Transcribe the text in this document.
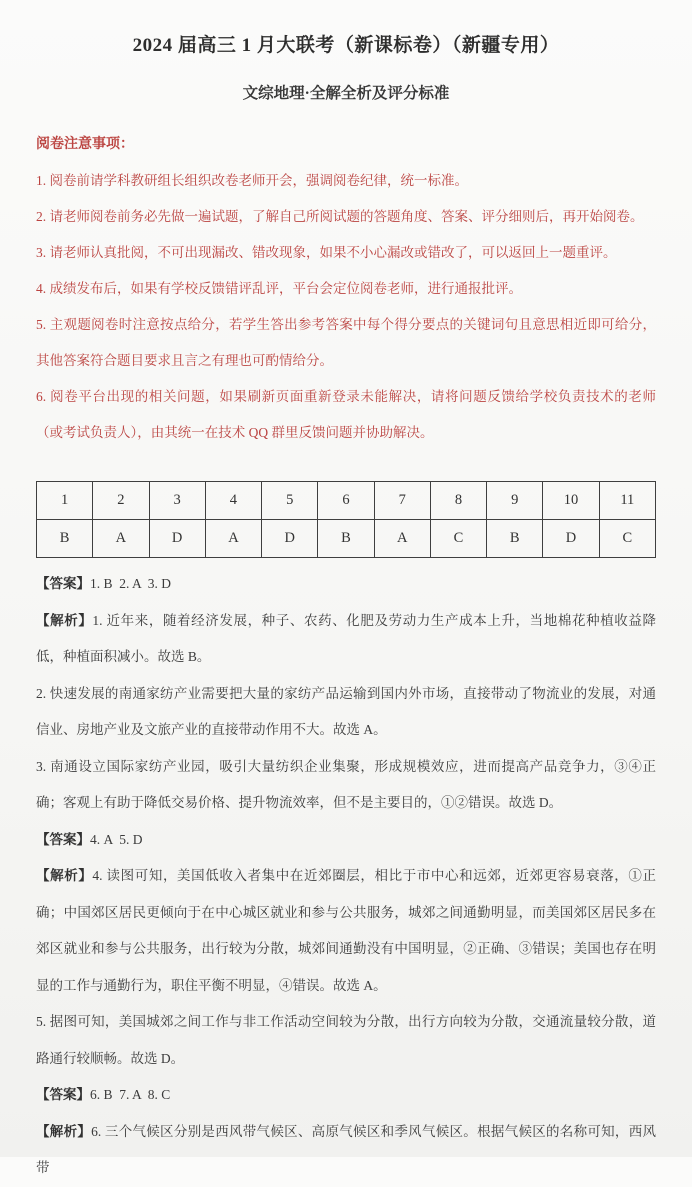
2024 届高三 1 月大联考（新课标卷）（新疆专用）
文综地理·全解全析及评分标准

阅卷注意事项：

1. 阅卷前请学科教研组长组织改卷老师开会，强调阅卷纪律，统一标准。

2. 请老师阅卷前务必先做一遍试题，了解自己所阅试题的答题角度、答案、评分细则后，再开始阅卷。

3. 请老师认真批阅，不可出现漏改、错改现象，如果不小心漏改或错改了，可以返回上一题重评。

4. 成绩发布后，如果有学校反馈错评乱评，平台会定位阅卷老师，进行通报批评。

5. 主观题阅卷时注意按点给分，若学生答出参考答案中每个得分要点的关键词句且意思相近即可给分，其他答案符合题目要求且言之有理也可酌情给分。

6. 阅卷平台出现的相关问题，如果刷新页面重新登录未能解决，请将问题反馈给学校负责技术的老师（或考试负责人），由其统一在技术 QQ 群里反馈问题并协助解决。

1	2	3	4	5	6	7	8	9	10	11
B	A	D	A	D	B	A	C	B	D	C

【答案】1. B  2. A  3. D

【解析】1. 近年来，随着经济发展，种子、农药、化肥及劳动力生产成本上升，当地棉花种植收益降低，种植面积减小。故选 B。

2. 快速发展的南通家纺产业需要把大量的家纺产品运输到国内外市场，直接带动了物流业的发展，对通信业、房地产业及文旅产业的直接带动作用不大。故选 A。

3. 南通设立国际家纺产业园，吸引大量纺织企业集聚，形成规模效应，进而提高产品竞争力，③④正确；客观上有助于降低交易价格、提升物流效率，但不是主要目的，①②错误。故选 D。

【答案】4. A  5. D

【解析】4. 读图可知，美国低收入者集中在近郊圈层，相比于市中心和远郊，近郊更容易衰落，①正确；中国郊区居民更倾向于在中心城区就业和参与公共服务，城郊之间通勤明显，而美国郊区居民多在郊区就业和参与公共服务，出行较为分散，城郊间通勤没有中国明显，②正确、③错误；美国也存在明显的工作与通勤行为，职住平衡不明显，④错误。故选 A。

5. 据图可知，美国城郊之间工作与非工作活动空间较为分散，出行方向较为分散，交通流量较分散，道路通行较顺畅。故选 D。

【答案】6. B  7. A  8. C

【解析】6. 三个气候区分别是西风带气候区、高原气候区和季风气候区。根据气候区的名称可知，西风带
